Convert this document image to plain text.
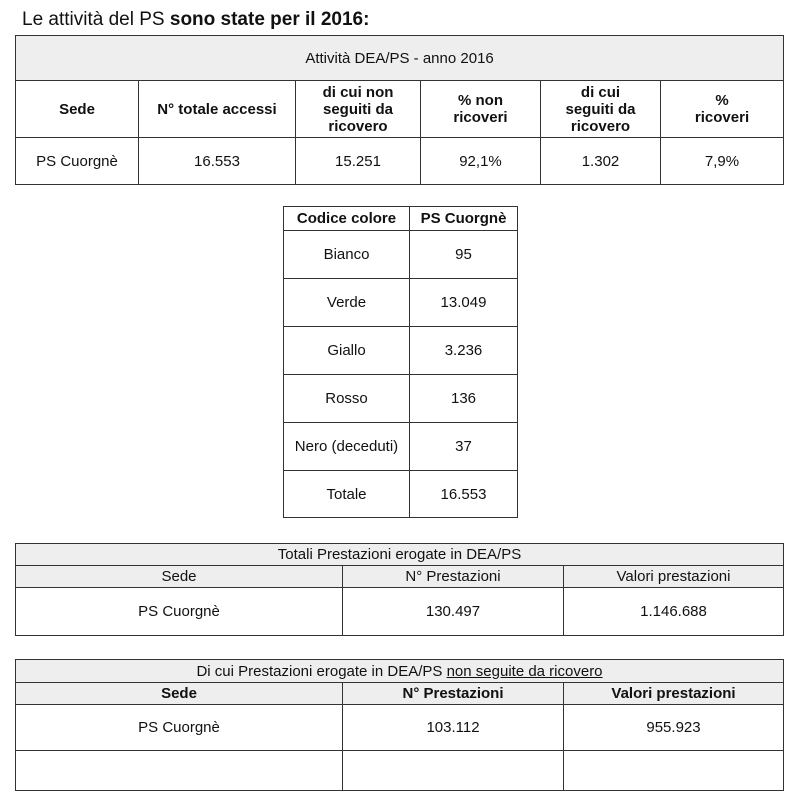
Le attività del PS sono state per il 2016:
Attività DEA/PS - anno 2016					
Sede	N° totale accessi	di cui non seguiti da ricovero	% non ricoveri	di cui seguiti da ricovero	% ricoveri
PS Cuorgnè	16.553	15.251	92,1%	1.302	7,9%
Codice colore	PS Cuorgnè
Bianco	95
Verde	13.049
Giallo	3.236
Rosso	136
Nero (deceduti)	37
Totale	16.553
Totali Prestazioni erogate in DEA/PS		
Sede	N° Prestazioni	Valori prestazioni
PS Cuorgnè	130.497	1.146.688
Di cui Prestazioni erogate in DEA/PS non seguite da ricovero		
Sede	N° Prestazioni	Valori prestazioni
PS Cuorgnè	103.112	955.923
